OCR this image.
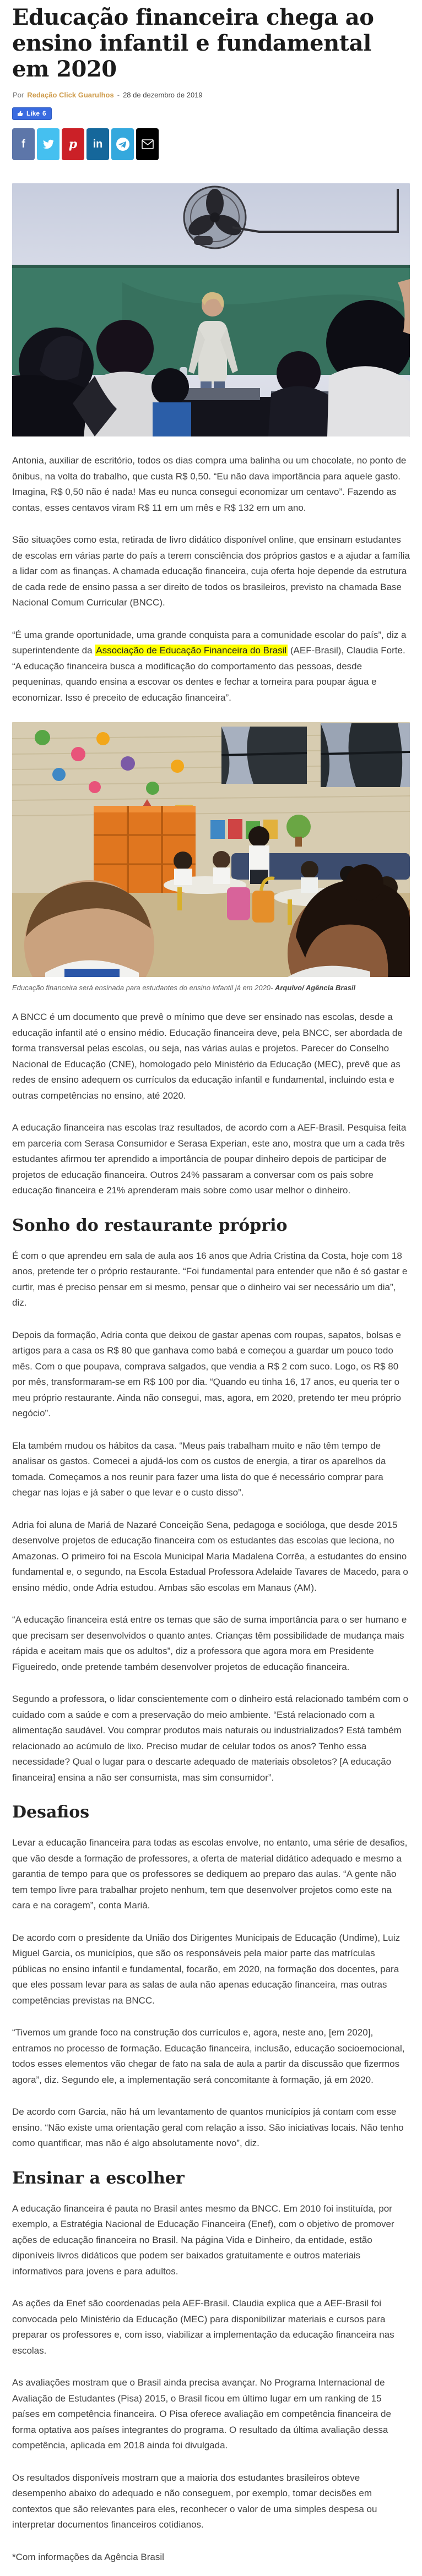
Educação financeira chega ao ensino infantil e fundamental em 2020
Por Redação Click Guarulhos - 28 de dezembro de 2019
Like 6
f	p in

Antonia, auxiliar de escritório, todos os dias compra uma balinha ou um chocolate, no ponto de ônibus, na volta do trabalho, que custa R$ 0,50. “Eu não dava importância para aquele gasto. Imagina, R$ 0,50 não é nada! Mas eu nunca consegui economizar um centavo”. Fazendo as contas, esses centavos viram R$ 11 em um mês e R$ 132 em um ano.

São situações como esta, retirada de livro didático disponível online, que ensinam estudantes de escolas em várias parte do país a terem consciência dos próprios gastos e a ajudar a família a lidar com as finanças. A chamada educação financeira, cuja oferta hoje depende da estrutura de cada rede de ensino passa a ser direito de todos os brasileiros, previsto na chamada Base Nacional Comum Curricular (BNCC).

“É uma grande oportunidade, uma grande conquista para a comunidade escolar do país”, diz a superintendente da Associação de Educação Financeira do Brasil (AEF-Brasil), Claudia Forte. “A educação financeira busca a modificação do comportamento das pessoas, desde pequeninas, quando ensina a escovar os dentes e fechar a torneira para poupar água e economizar. Isso é preceito de educação financeira”.

Educação financeira será ensinada para estudantes do ensino infantil já em 2020- Arquivo/ Agência Brasil

A BNCC é um documento que prevê o mínimo que deve ser ensinado nas escolas, desde a educação infantil até o ensino médio. Educação financeira deve, pela BNCC, ser abordada de forma transversal pelas escolas, ou seja, nas várias aulas e projetos. Parecer do Conselho Nacional de Educação (CNE), homologado pelo Ministério da Educação (MEC), prevê que as redes de ensino adequem os currículos da educação infantil e fundamental, incluindo esta e outras competências no ensino, até 2020.

A educação financeira nas escolas traz resultados, de acordo com a AEF-Brasil. Pesquisa feita em parceria com Serasa Consumidor e Serasa Experian, este ano, mostra que um a cada três estudantes afirmou ter aprendido a importância de poupar dinheiro depois de participar de projetos de educação financeira. Outros 24% passaram a conversar com os pais sobre educação financeira e 21% aprenderam mais sobre como usar melhor o dinheiro.

Sonho do restaurante próprio

É com o que aprendeu em sala de aula aos 16 anos que Adria Cristina da Costa, hoje com 18 anos, pretende ter o próprio restaurante. “Foi fundamental para entender que não é só gastar e curtir, mas é preciso pensar em si mesmo, pensar que o dinheiro vai ser necessário um dia”, diz.

Depois da formação, Adria conta que deixou de gastar apenas com roupas, sapatos, bolsas e artigos para a casa os R$ 80 que ganhava como babá e começou a guardar um pouco todo mês. Com o que poupava, comprava salgados, que vendia a R$ 2 com suco. Logo, os R$ 80 por mês, transformaram-se em R$ 100 por dia. “Quando eu tinha 16, 17 anos, eu queria ter o meu próprio restaurante. Ainda não consegui, mas, agora, em 2020, pretendo ter meu próprio negócio”.

Ela também mudou os hábitos da casa. “Meus pais trabalham muito e não têm tempo de analisar os gastos. Comecei a ajudá-los com os custos de energia, a tirar os aparelhos da tomada. Começamos a nos reunir para fazer uma lista do que é necessário comprar para chegar nas lojas e já saber o que levar e o custo disso”.

Adria foi aluna de Mariá de Nazaré Conceição Sena, pedagoga e socióloga, que desde 2015 desenvolve projetos de educação financeira com os estudantes das escolas que leciona, no Amazonas. O primeiro foi na Escola Municipal Maria Madalena Corrêa, a estudantes do ensino fundamental e, o segundo, na Escola Estadual Professora Adelaide Tavares de Macedo, para o ensino médio, onde Adria estudou. Ambas são escolas em Manaus (AM).

“A educação financeira está entre os temas que são de suma importância para o ser humano e que precisam ser desenvolvidos o quanto antes. Crianças têm possibilidade de mudança mais rápida e aceitam mais que os adultos”, diz a professora que agora mora em Presidente Figueiredo, onde pretende também desenvolver projetos de educação financeira.

Segundo a professora, o lidar conscientemente com o dinheiro está relacionado também com o cuidado com a saúde e com a preservação do meio ambiente. “Está relacionado com a alimentação saudável. Vou comprar produtos mais naturais ou industrializados? Está também relacionado ao acúmulo de lixo. Preciso mudar de celular todos os anos? Tenho essa necessidade? Qual o lugar para o descarte adequado de materiais obsoletos? [A educação financeira] ensina a não ser consumista, mas sim consumidor”.

Desafios

Levar a educação financeira para todas as escolas envolve, no entanto, uma série de desafios, que vão desde a formação de professores, a oferta de material didático adequado e mesmo a garantia de tempo para que os professores se dediquem ao preparo das aulas. “A gente não tem tempo livre para trabalhar projeto nenhum, tem que desenvolver projetos como este na cara e na coragem”, conta Mariá.

De acordo com o presidente da União dos Dirigentes Municipais de Educação (Undime), Luiz Miguel Garcia, os municípios, que são os responsáveis pela maior parte das matrículas públicas no ensino infantil e fundamental, focarão, em 2020, na formação dos docentes, para que eles possam levar para as salas de aula não apenas educação financeira, mas outras competências previstas na BNCC.

“Tivemos um grande foco na construção dos currículos e, agora, neste ano, [em 2020], entramos no processo de formação. Educação financeira, inclusão, educação socioemocional, todos esses elementos vão chegar de fato na sala de aula a partir da discussão que fizermos agora”, diz. Segundo ele, a implementação será concomitante à formação, já em 2020.

De acordo com Garcia, não há um levantamento de quantos municípios já contam com esse ensino. “Não existe uma orientação geral com relação a isso. São iniciativas locais. Não tenho como quantificar, mas não é algo absolutamente novo”, diz.

Ensinar a escolher

A educação financeira é pauta no Brasil antes mesmo da BNCC. Em 2010 foi instituída, por exemplo, a Estratégia Nacional de Educação Financeira (Enef), com o objetivo de promover ações de educação financeira no Brasil. Na página Vida e Dinheiro, da entidade, estão diponíveis livros didáticos que podem ser baixados gratuitamente e outros materiais informativos para jovens e para adultos.

As ações da Enef são coordenadas pela AEF-Brasil. Claudia explica que a AEF-Brasil foi convocada pelo Ministério da Educação (MEC) para disponibilizar materiais e cursos para preparar os professores e, com isso, viabilizar a implementação da educação financeira nas escolas.

As avaliações mostram que o Brasil ainda precisa avançar. No Programa Internacional de Avaliação de Estudantes (Pisa) 2015, o Brasil ficou em último lugar em um ranking de 15 países em competência financeira. O Pisa oferece avaliação em competência financeira de forma optativa aos países integrantes do programa. O resultado da última avaliação dessa competência, aplicada em 2018 ainda foi divulgada.

Os resultados disponíveis mostram que a maioria dos estudantes brasileiros obteve desempenho abaixo do adequado e não conseguem, por exemplo, tomar decisões em contextos que são relevantes para eles, reconhecer o valor de uma simples despesa ou interpretar documentos financeiros cotidianos.

*Com informações da Agência Brasil
